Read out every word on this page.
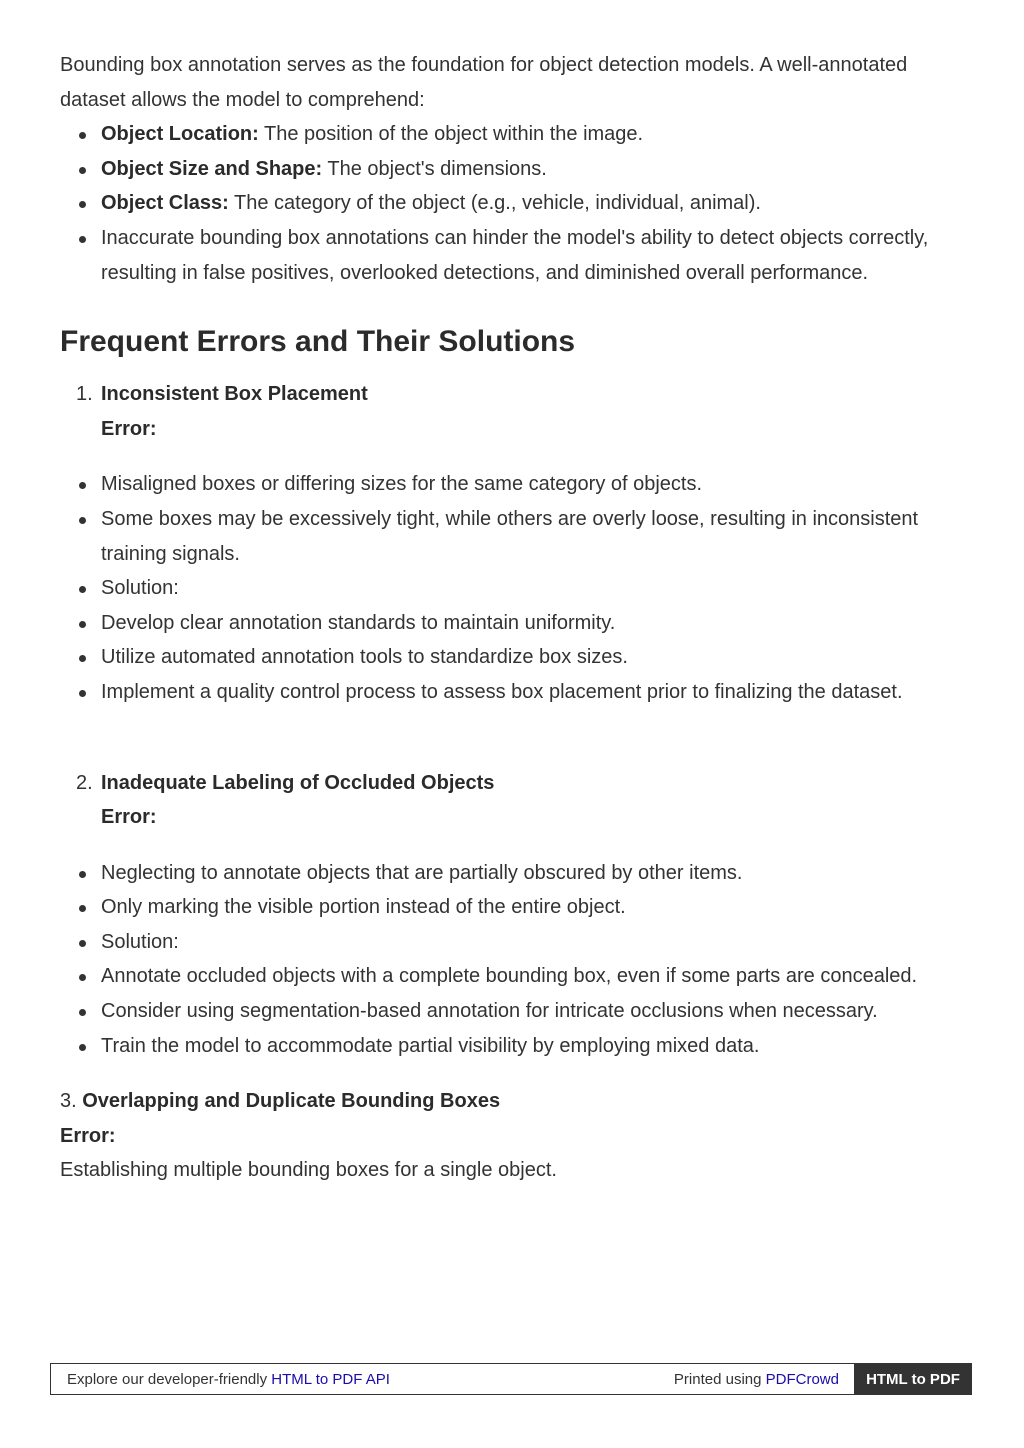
Bounding box annotation serves as the foundation for object detection models. A well-annotated dataset allows the model to comprehend:

Object Location: The position of the object within the image.
Object Size and Shape: The object's dimensions.
Object Class: The category of the object (e.g., vehicle, individual, animal).
Inaccurate bounding box annotations can hinder the model's ability to detect objects correctly, resulting in false positives, overlooked detections, and diminished overall performance.
Frequent Errors and Their Solutions
1. Inconsistent Box Placement
Error:
Misaligned boxes or differing sizes for the same category of objects.
Some boxes may be excessively tight, while others are overly loose, resulting in inconsistent training signals.
Solution:
Develop clear annotation standards to maintain uniformity.
Utilize automated annotation tools to standardize box sizes.
Implement a quality control process to assess box placement prior to finalizing the dataset.
2. Inadequate Labeling of Occluded Objects
Error:
Neglecting to annotate objects that are partially obscured by other items.
Only marking the visible portion instead of the entire object.
Solution:
Annotate occluded objects with a complete bounding box, even if some parts are concealed.
Consider using segmentation-based annotation for intricate occlusions when necessary.
Train the model to accommodate partial visibility by employing mixed data.
3. Overlapping and Duplicate Bounding Boxes
Error:
Establishing multiple bounding boxes for a single object.
Explore our developer-friendly HTML to PDF API	Printed using PDFCrowd	HTML to PDF
